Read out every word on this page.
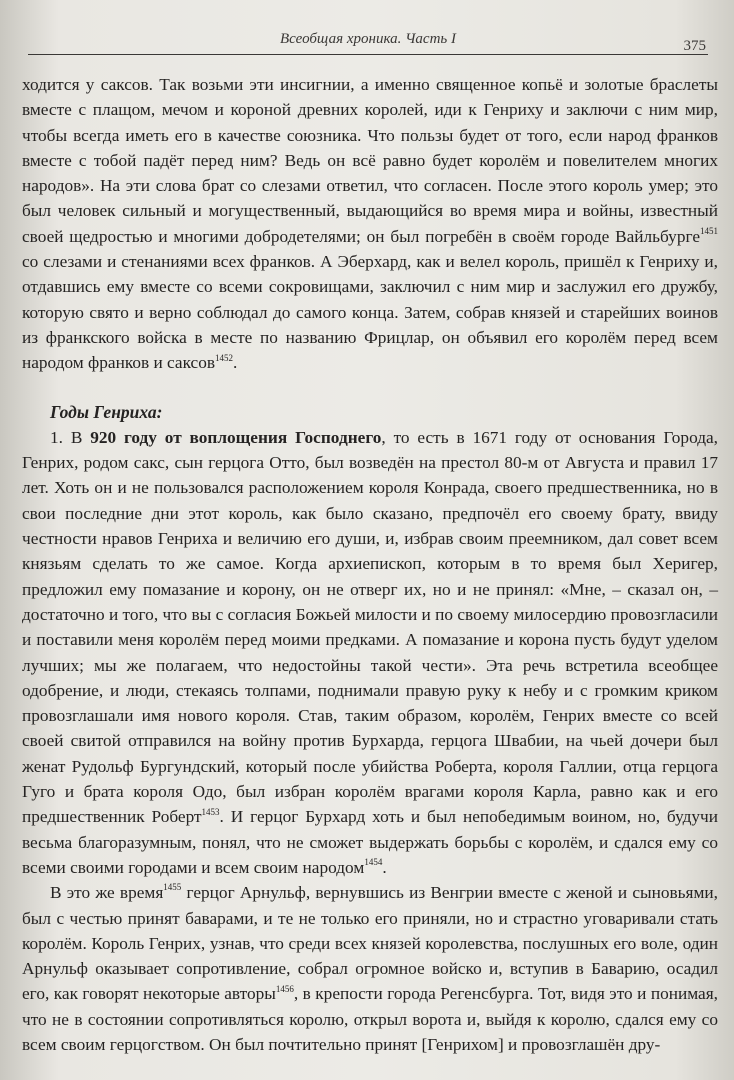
Всеобщая хроника. Часть I	375

ходится у саксов. Так возьми эти инсигнии, а именно священное копьё и золотые браслеты вместе с плащом, мечом и короной древних королей, иди к Генриху и заключи с ним мир, чтобы всегда иметь его в качестве союзника. Что пользы будет от того, если народ франков вместе с тобой падёт перед ним? Ведь он всё равно будет королём и повелителем многих народов». На эти слова брат со слезами ответил, что согласен. После этого король умер; это был человек сильный и могущественный, выдающийся во время мира и войны, известный своей щедростью и многими добродетелями; он был погребён в своём городе Вайльбурге$^{1451}$ со слезами и стенаниями всех франков. А Эберхард, как и велел король, пришёл к Генриху и, отдавшись ему вместе со всеми сокровищами, заключил с ним мир и заслужил его дружбу, которую свято и верно соблюдал до самого конца. Затем, собрав князей и старейших воинов из франкского войска в месте по названию Фрицлар, он объявил его королём перед всем народом франков и саксов$^{1452}$.

Годы Генриха:

1. В 920 году от воплощения Господнего, то есть в 1671 году от основания Города, Генрих, родом сакс, сын герцога Отто, был возведён на престол 80-м от Августа и правил 17 лет. Хоть он и не пользовался расположением короля Конрада, своего предшественника, но в свои последние дни этот король, как было сказано, предпочёл его своему брату, ввиду честности нравов Генриха и величию его души, и, избрав своим преемником, дал совет всем князьям сделать то же самое. Когда архиепископ, которым в то время был Херигер, предложил ему помазание и корону, он не отверг их, но и не принял: «Мне, – сказал он, – достаточно и того, что вы с согласия Божьей милости и по своему милосердию провозгласили и поставили меня королём перед моими предками. А помазание и корона пусть будут уделом лучших; мы же полагаем, что недостойны такой чести». Эта речь встретила всеобщее одобрение, и люди, стекаясь толпами, поднимали правую руку к небу и с громким криком провозглашали имя нового короля. Став, таким образом, королём, Генрих вместе со всей своей свитой отправился на войну против Бурхарда, герцога Швабии, на чьей дочери был женат Рудольф Бургундский, который после убийства Роберта, короля Галлии, отца герцога Гуго и брата короля Одо, был избран королём врагами короля Карла, равно как и его предшественник Роберт$^{1453}$. И герцог Бурхард хоть и был непобедимым воином, но, будучи весьма благоразумным, понял, что не сможет выдержать борьбы с королём, и сдался ему со всеми своими городами и всем своим народом$^{1454}$.

В это же время$^{1455}$ герцог Арнульф, вернувшись из Венгрии вместе с женой и сыновьями, был с честью принят баварами, и те не только его приняли, но и страстно уговаривали стать королём. Король Генрих, узнав, что среди всех князей королевства, послушных его воле, один Арнульф оказывает сопротивление, собрал огромное войско и, вступив в Баварию, осадил его, как говорят некоторые авторы$^{1456}$, в крепости города Регенсбурга. Тот, видя это и понимая, что не в состоянии сопротивляться королю, открыл ворота и, выйдя к королю, сдался ему со всем своим герцогством. Он был почтительно принят [Генрихом] и провозглашён дру-
